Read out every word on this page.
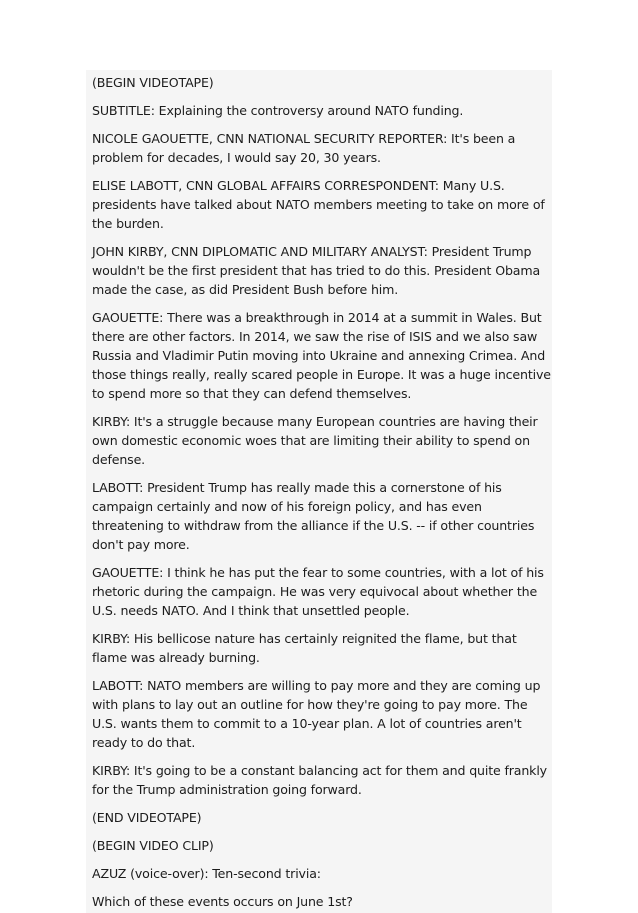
(BEGIN VIDEOTAPE)

SUBTITLE: Explaining the controversy around NATO funding.

NICOLE GAOUETTE, CNN NATIONAL SECURITY REPORTER: It's been a problem for decades, I would say 20, 30 years.

ELISE LABOTT, CNN GLOBAL AFFAIRS CORRESPONDENT: Many U.S. presidents have talked about NATO members meeting to take on more of the burden.

JOHN KIRBY, CNN DIPLOMATIC AND MILITARY ANALYST: President Trump wouldn't be the first president that has tried to do this. President Obama made the case, as did President Bush before him.

GAOUETTE: There was a breakthrough in 2014 at a summit in Wales. But there are other factors. In 2014, we saw the rise of ISIS and we also saw Russia and Vladimir Putin moving into Ukraine and annexing Crimea. And those things really, really scared people in Europe. It was a huge incentive to spend more so that they can defend themselves.

KIRBY: It's a struggle because many European countries are having their own domestic economic woes that are limiting their ability to spend on defense.

LABOTT: President Trump has really made this a cornerstone of his campaign certainly and now of his foreign policy, and has even threatening to withdraw from the alliance if the U.S. -- if other countries don't pay more.

GAOUETTE: I think he has put the fear to some countries, with a lot of his rhetoric during the campaign. He was very equivocal about whether the U.S. needs NATO. And I think that unsettled people.

KIRBY: His bellicose nature has certainly reignited the flame, but that flame was already burning.

LABOTT: NATO members are willing to pay more and they are coming up with plans to lay out an outline for how they're going to pay more. The U.S. wants them to commit to a 10-year plan. A lot of countries aren't ready to do that.

KIRBY: It's going to be a constant balancing act for them and quite frankly for the Trump administration going forward.

(END VIDEOTAPE)

(BEGIN VIDEO CLIP)

AZUZ (voice-over): Ten-second trivia:

Which of these events occurs on June 1st?
